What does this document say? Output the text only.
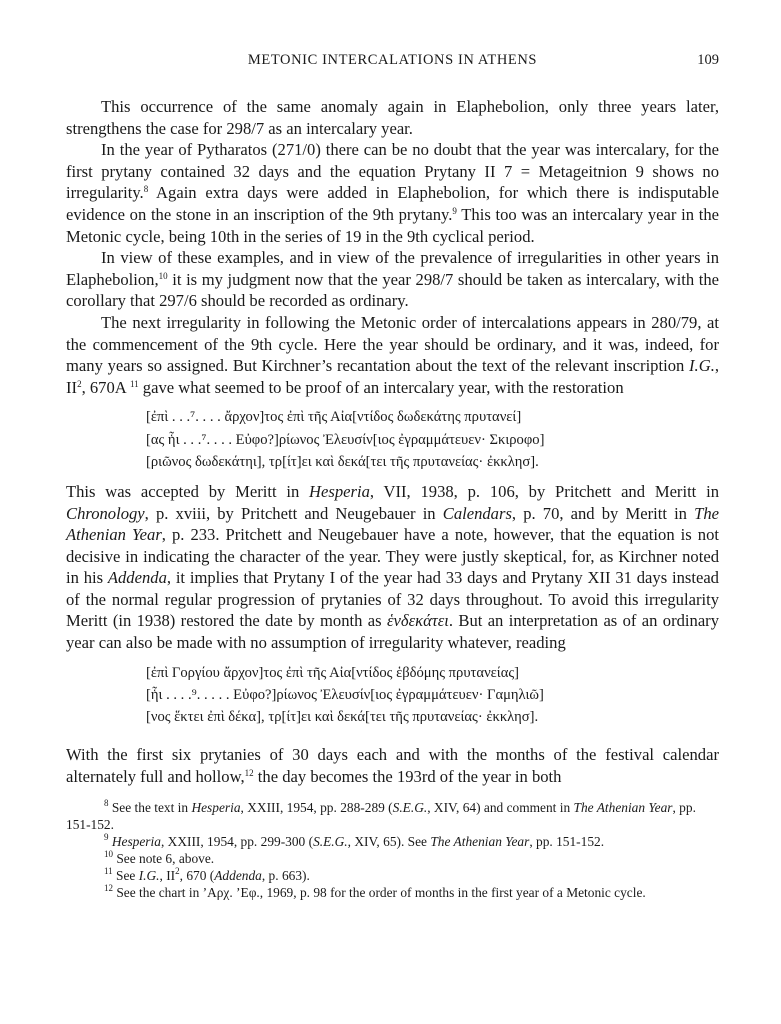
METONIC INTERCALATIONS IN ATHENS	109

This occurrence of the same anomaly again in Elaphebolion, only three years later, strengthens the case for 298/7 as an intercalary year.

In the year of Pytharatos (271/0) there can be no doubt that the year was intercalary, for the first prytany contained 32 days and the equation Prytany II 7 = Metageitnion 9 shows no irregularity.$^8$ Again extra days were added in Elaphebolion, for which there is indisputable evidence on the stone in an inscription of the 9th prytany.$^9$ This too was an intercalary year in the Metonic cycle, being 10th in the series of 19 in the 9th cyclical period.

In view of these examples, and in view of the prevalence of irregularities in other years in Elaphebolion,$^{10}$ it is my judgment now that the year 298/7 should be taken as intercalary, with the corollary that 297/6 should be recorded as ordinary.

The next irregularity in following the Metonic order of intercalations appears in 280/79, at the commencement of the 9th cycle. Here the year should be ordinary, and it was, indeed, for many years so assigned. But Kirchner’s recantation about the text of the relevant inscription I.G., $II^2$, 670A $^{11}$ gave what seemed to be proof of an intercalary year, with the restoration

[ἐπὶ . . .⁷. . . . ἄρχον]τος ἐπὶ τῆς Αἰα[ντίδος δωδεκάτης πρυτανεί]
[ας ἧι . . .⁷. . . . Εὐφο?]ρίωνος Ἐλευσίν[ιος ἐγραμμάτευεν· Σκιροφο]
[ριῶνος δωδεκάτηι], τρ[ίτ]ει καὶ δεκά[τει τῆς πρυτανείας· ἐκκλησ].

This was accepted by Meritt in Hesperia, VII, 1938, p. 106, by Pritchett and Meritt in Chronology, p. xviii, by Pritchett and Neugebauer in Calendars, p. 70, and by Meritt in The Athenian Year, p. 233. Pritchett and Neugebauer have a note, however, that the equation is not decisive in indicating the character of the year. They were justly skeptical, for, as Kirchner noted in his Addenda, it implies that Prytany I of the year had 33 days and Prytany XII 31 days instead of the normal regular progression of prytanies of 32 days throughout. To avoid this irregularity Meritt (in 1938) restored the date by month as ἑνδεκάτει. But an interpretation as of an ordinary year can also be made with no assumption of irregularity whatever, reading

[ἐπὶ Γοργίου ἄρχον]τος ἐπὶ τῆς Αἰα[ντίδος ἑβδόμης πρυτανείας]
[ἧι . . . .⁹. . . . . Εὐφο?]ρίωνος Ἐλευσίν[ιος ἐγραμμάτευεν· Γαμηλιῶ]
[νος ἕκτει ἐπὶ δέκα], τρ[ίτ]ει καὶ δεκά[τει τῆς πρυτανείας· ἐκκλησ].

With the first six prytanies of 30 days each and with the months of the festival calendar alternately full and hollow,$^{12}$ the day becomes the 193rd of the year in both

$^8$ See the text in Hesperia, XXIII, 1954, pp. 288-289 (S.E.G., XIV, 64) and comment in The Athenian Year, pp. 151-152.
$^9$ Hesperia, XXIII, 1954, pp. 299-300 (S.E.G., XIV, 65). See The Athenian Year, pp. 151-152.
$^{10}$ See note 6, above.
$^{11}$ See I.G., $II^2$, 670 (Addenda, p. 663).
$^{12}$ See the chart in ’Αρχ. ’Εφ., 1969, p. 98 for the order of months in the first year of a Metonic cycle.
